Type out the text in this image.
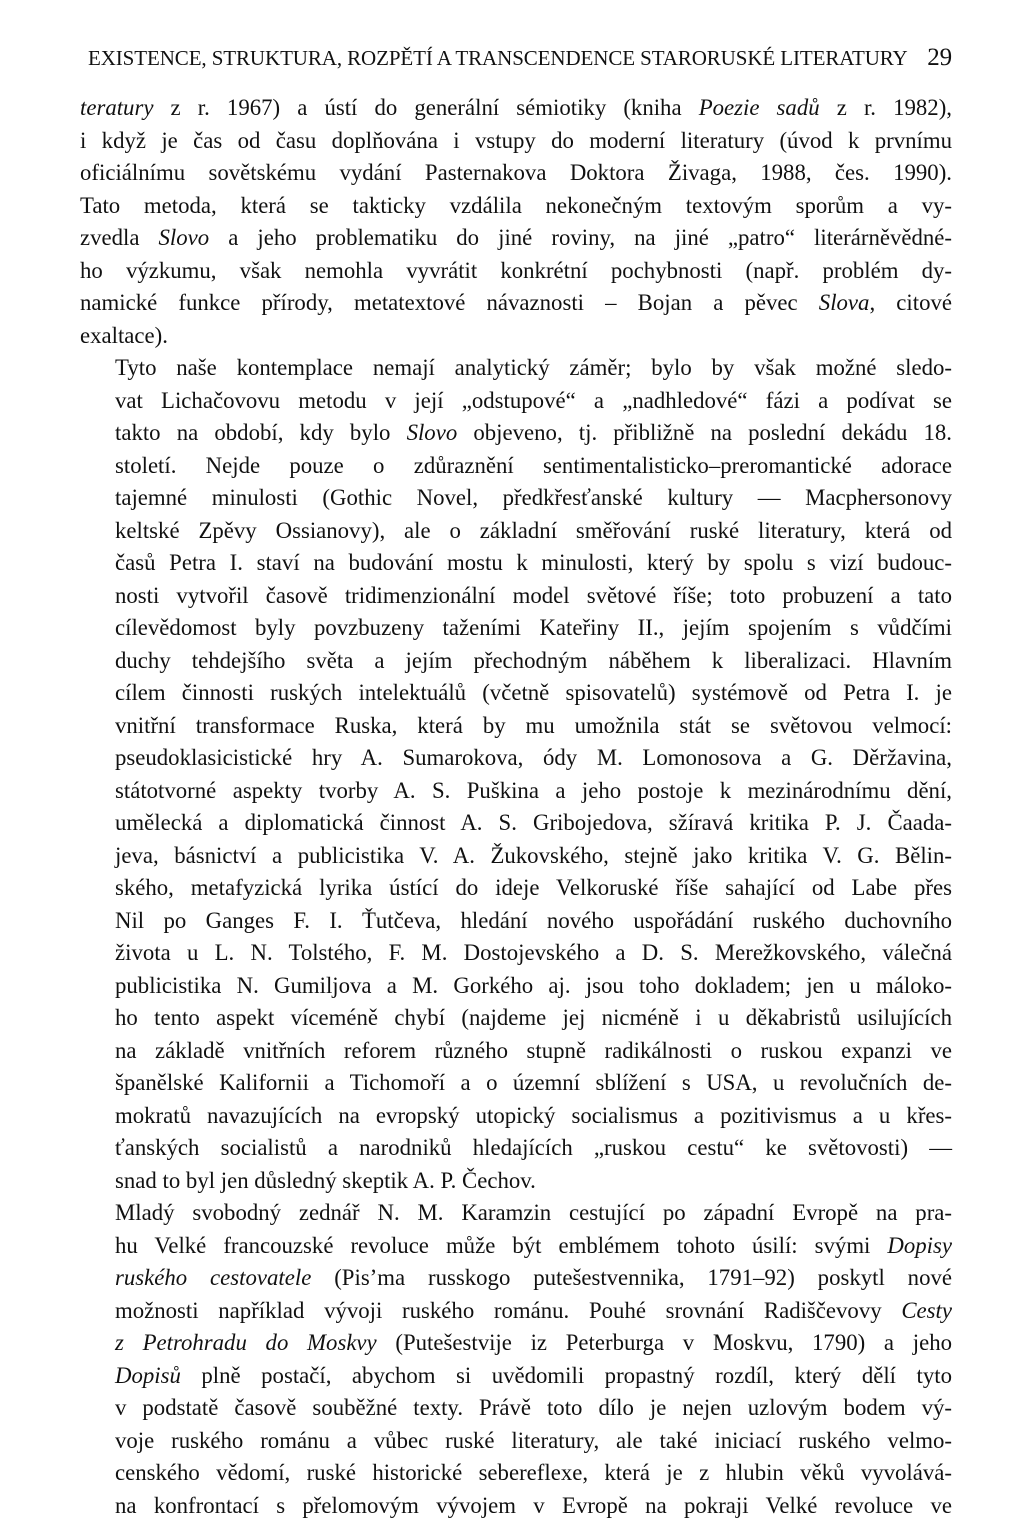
EXISTENCE, STRUKTURA, ROZPĚTÍ A TRANSCENDENCE STARORUSKÉ LITERATURY 29

teratury z r. 1967) a ústí do generální sémiotiky (kniha Poezie sadů z r. 1982),
i když je čas od času doplňována i vstupy do moderní literatury (úvod k prvnímu
oficiálnímu sovětskému vydání Pasternakova Doktora Živaga, 1988, čes. 1990).
Tato metoda, která se takticky vzdálila nekonečným textovým sporům a vy-
zvedla Slovo a jeho problematiku do jiné roviny, na jiné „patro“ literárněvědné-
ho výzkumu, však nemohla vyvrátit konkrétní pochybnosti (např. problém dy-
namické funkce přírody, metatextové návaznosti – Bojan a pěvec Slova, citové
exaltace).

Tyto naše kontemplace nemají analytický záměr; bylo by však možné sledo-
vat Lichačovovu metodu v její „odstupové“ a „nadhledové“ fázi a podívat se
takto na období, kdy bylo Slovo objeveno, tj. přibližně na poslední dekádu 18.
století. Nejde pouze o zdůraznění sentimentalisticko–preromantické adorace
tajemné minulosti (Gothic Novel, předkřesťanské kultury — Macphersonovy
keltské Zpěvy Ossianovy), ale o základní směřování ruské literatury, která od
časů Petra I. staví na budování mostu k minulosti, který by spolu s vizí budouc-
nosti vytvořil časově tridimenzionální model světové říše; toto probuzení a tato
cílevědomost byly povzbuzeny taženími Kateřiny II., jejím spojením s vůdčími
duchy tehdejšího světa a jejím přechodným náběhem k liberalizaci. Hlavním
cílem činnosti ruských intelektuálů (včetně spisovatelů) systémově od Petra I. je
vnitřní transformace Ruska, která by mu umožnila stát se světovou velmocí:
pseudoklasicistické hry A. Sumarokova, ódy M. Lomonosova a G. Děržavina,
státotvorné aspekty tvorby A. S. Puškina a jeho postoje k mezinárodnímu dění,
umělecká a diplomatická činnost A. S. Gribojedova, sžíravá kritika P. J. Čaada-
jeva, básnictví a publicistika V. A. Žukovského, stejně jako kritika V. G. Bělin-
ského, metafyzická lyrika ústící do ideje Velkoruské říše sahající od Labe přes
Nil po Ganges F. I. Ťutčeva, hledání nového uspořádání ruského duchovního
života u L. N. Tolstého, F. M. Dostojevského a D. S. Merežkovského, válečná
publicistika N. Gumiljova a M. Gorkého aj. jsou toho dokladem; jen u máloko-
ho tento aspekt víceméně chybí (najdeme jej nicméně i u děkabristů usilujících
na základě vnitřních reforem různého stupně radikálnosti o ruskou expanzi ve
španělské Kalifornii a Tichomoří a o územní sblížení s USA, u revolučních de-
mokratů navazujících na evropský utopický socialismus a pozitivismus a u křes-
ťanských socialistů a narodniků hledajících „ruskou cestu“ ke světovosti) —
snad to byl jen důsledný skeptik A. P. Čechov.

Mladý svobodný zednář N. M. Karamzin cestující po západní Evropě na pra-
hu Velké francouzské revoluce může být emblémem tohoto úsilí: svými Dopisy
ruského cestovatele (Pis’ma russkogo putešestvennika, 1791–92) poskytl nové
možnosti například vývoji ruského románu. Pouhé srovnání Radiščevovy Cesty
z Petrohradu do Moskvy (Putešestvije iz Peterburga v Moskvu, 1790) a jeho
Dopisů plně postačí, abychom si uvědomili propastný rozdíl, který dělí tyto
v podstatě časově souběžné texty. Právě toto dílo je nejen uzlovým bodem vý-
voje ruského románu a vůbec ruské literatury, ale také iniciací ruského velmo-
cenského vědomí, ruské historické sebereflexe, která je z hlubin věků vyvolává-
na konfrontací s přelomovým vývojem v Evropě na pokraji Velké revoluce ve
